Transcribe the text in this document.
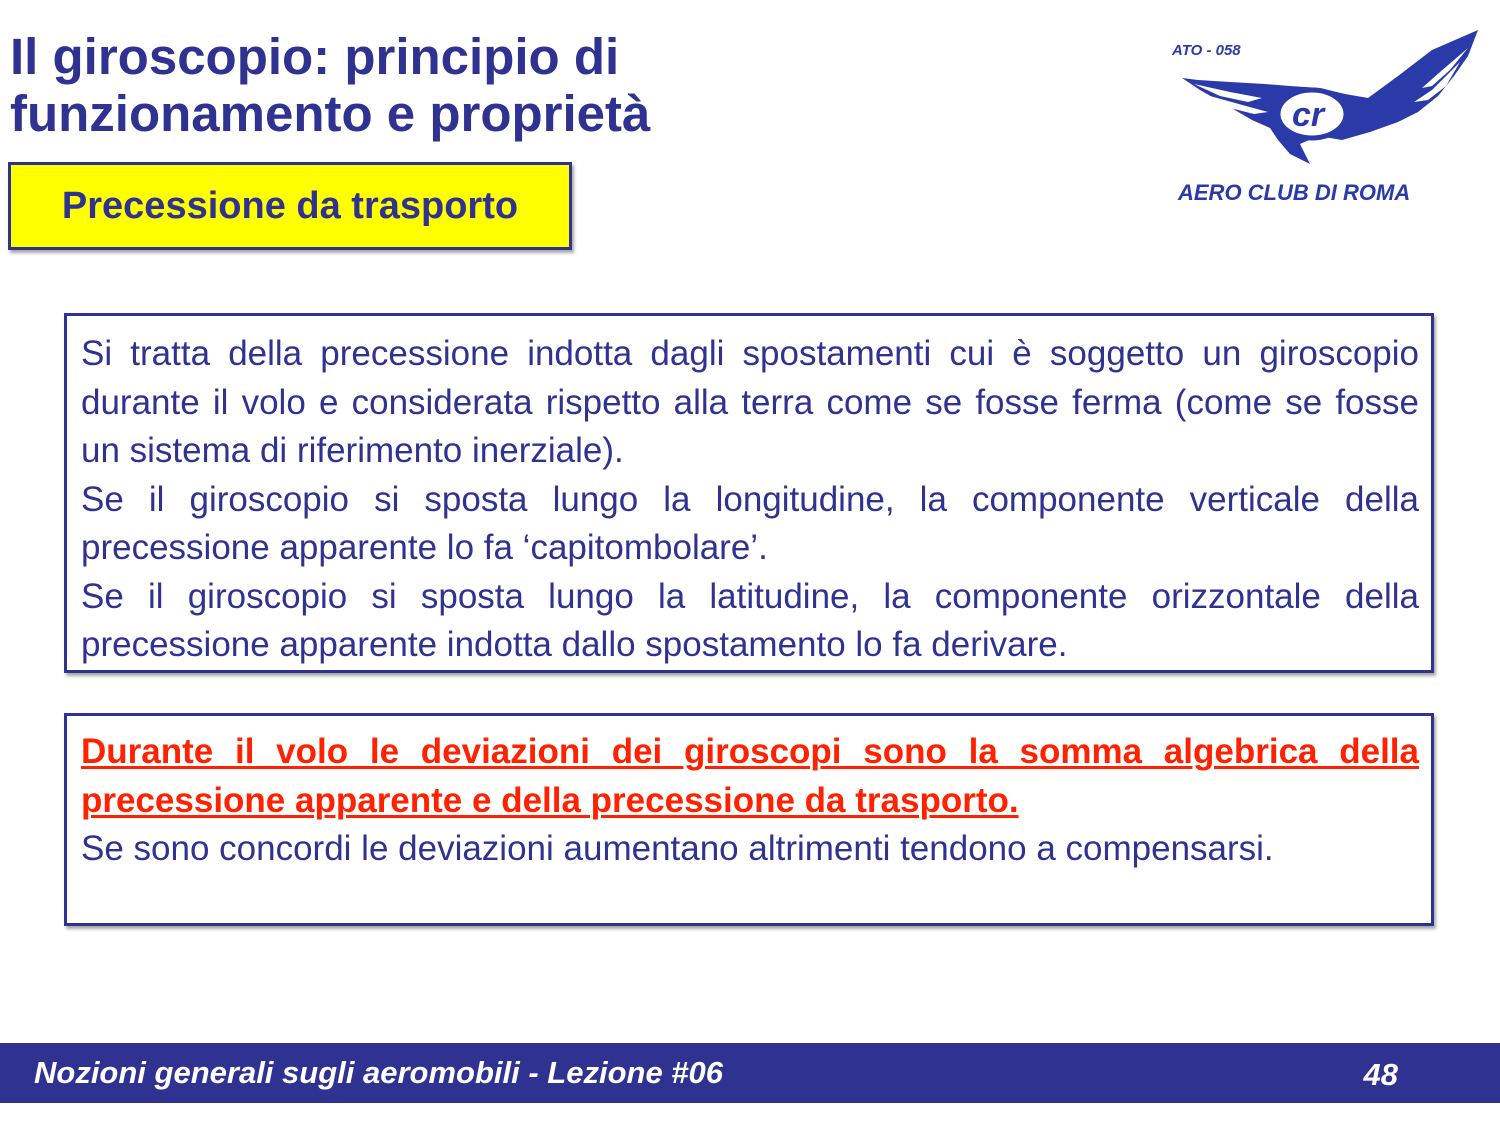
Il giroscopio: principio di
funzionamento e proprietà
Precessione da trasporto
ATO - 058
cr
AERO CLUB DI ROMA

Si tratta della precessione indotta dagli spostamenti cui è soggetto un giroscopio durante il volo e considerata rispetto alla terra come se fosse ferma (come se fosse un sistema di riferimento inerziale).

Se il giroscopio si sposta lungo la longitudine, la componente verticale della precessione apparente lo fa ‘capitombolare’.

Se il giroscopio si sposta lungo la latitudine, la componente orizzontale della precessione apparente indotta dallo spostamento lo fa derivare.

Durante il volo le deviazioni dei giroscopi sono la somma algebrica della precessione apparente e della precessione da trasporto.

Se sono concordi le deviazioni aumentano altrimenti tendono a compensarsi.

Nozioni generali sugli aeromobili - Lezione #06	48
